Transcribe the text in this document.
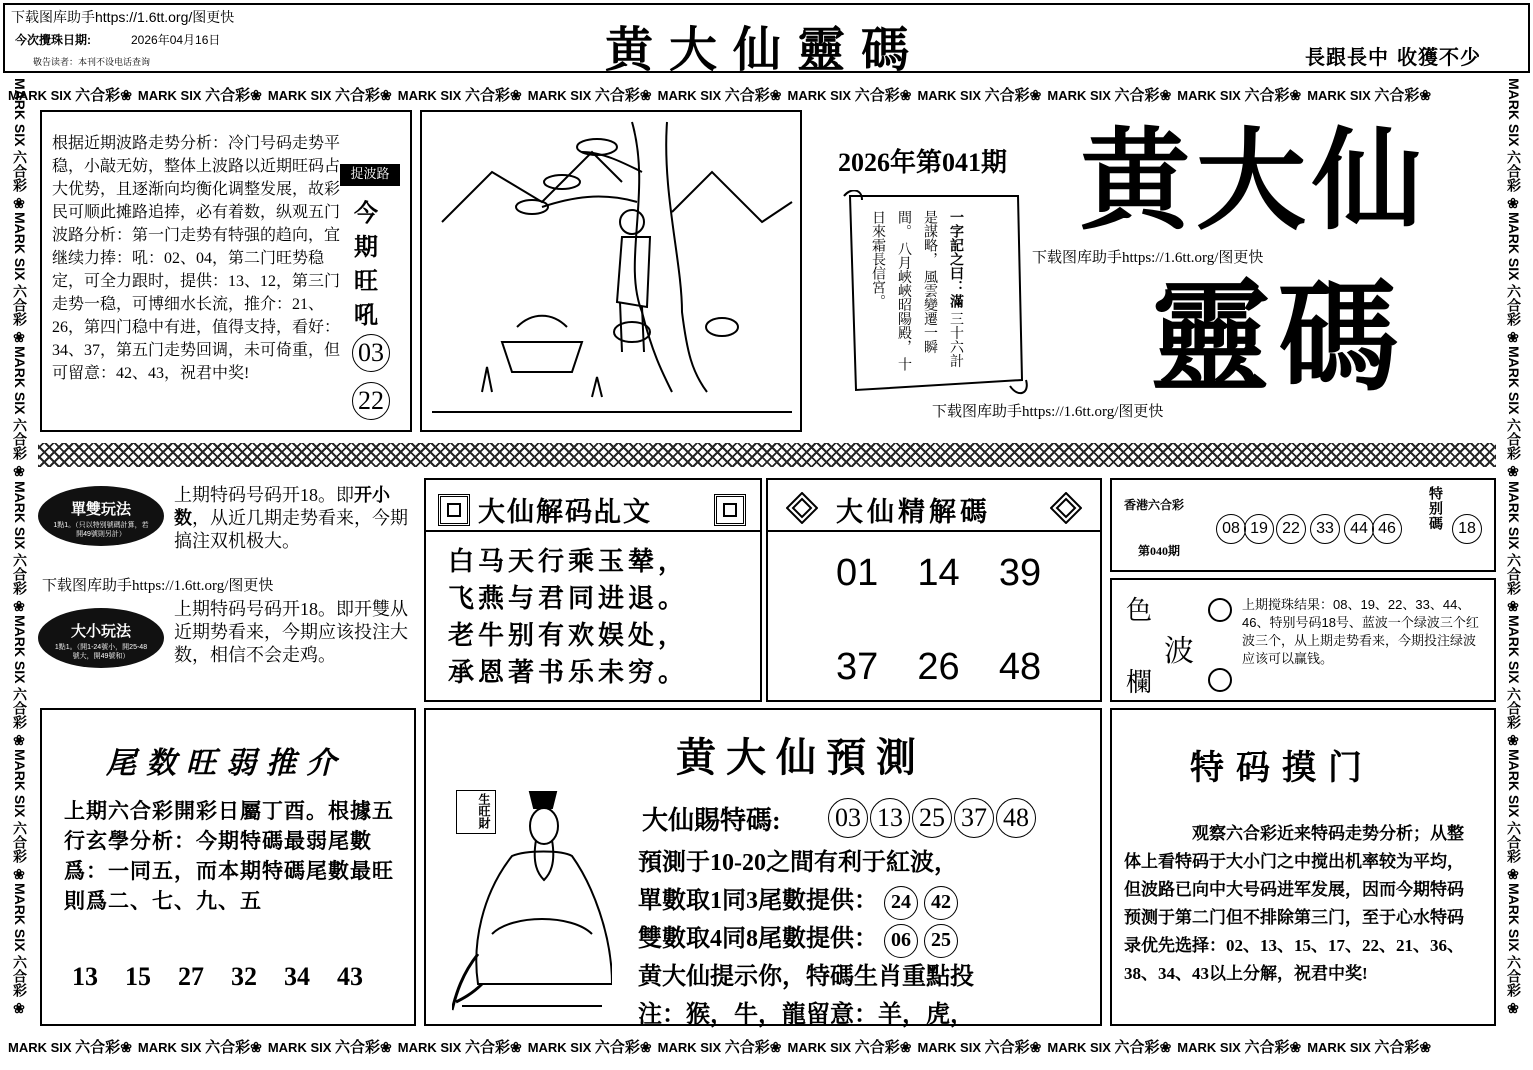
下载图库助手https://1.6tt.org/图更快
今次攪珠日期:	2026年04月16日
敬告读者：本刊不设电话查询	黄大仙靈碼	長跟長中 收獲不少
MARK SIX 六合彩❀MARK SIX 六合彩❀MARK SIX 六合彩❀MARK SIX 六合彩❀MARK SIX 六合彩❀MARK SIX 六合彩❀MARK SIX 六合彩❀MARK SIX 六合彩❀MARK SIX 六合彩❀MARK SIX 六合彩❀MARK SIX 六合彩❀
MARK SIX 六合彩❀MARK SIX 六合彩❀MARK SIX 六合彩❀MARK SIX 六合彩❀MARK SIX 六合彩❀MARK SIX 六合彩❀MARK SIX 六合彩❀MARK SIX 六合彩❀MARK SIX 六合彩❀MARK SIX 六合彩❀MARK SIX 六合彩❀
MARK SIX 六合彩 ❀
MARK SIX 六合彩 ❀
MARK SIX 六合彩 ❀
MARK SIX 六合彩 ❀
MARK SIX 六合彩 ❀
MARK SIX 六合彩 ❀
MARK SIX 六合彩 ❀
MARK SIX 六合彩 ❀
MARK SIX 六合彩 ❀
MARK SIX 六合彩 ❀
MARK SIX 六合彩 ❀
MARK SIX 六合彩 ❀
MARK SIX 六合彩 ❀
MARK SIX 六合彩 ❀
根据近期波路走势分析：冷门号码走势平稳，小敲无妨，整体上波路以近期旺码占大优势，且逐渐向均衡化调整发展，故彩民可顺此摊路追捧，必有着数，纵观五门波路分析：第一门走势有特强的趋向，宜继续力捧：吼：02、04，第二门旺势稳定，可全力跟时，提供：13、12，第三门走势一稳，可博细水长流，推介：21、26，第四门稳中有进，值得支持，看好：34、37，第五门走势回调，未可倚重，但可留意：42、43，祝君中奖!
捉波路
今
期
旺
吼
03
22
2026年第041期
一字記之曰：滿 三十六計是謀略， 風雲變遷一瞬間。 八月峽峽昭陽殿， 十日來霜長信宮。
黄大仙
靈碼
下载图库助手https://1.6tt.org/图更快
下载图库助手https://1.6tt.org/图更快
單雙玩法
1點1。（只以特別號碼計算，若開49號則另計）
上期特码号码开18。即开小数，从近几期走势看来，今期搞注双机极大。
下载图库助手https://1.6tt.org/图更快
大小玩法
1點1。（開1-24號小，開25-48號大，開49號和）
上期特码号码开18。即开雙从近期势看来，今期应该投注大数，相信不会走鸡。
大仙解码乩文
白马天行乘玉辇，
飞燕与君同进退。
老牛别有欢娱处，
承恩著书乐未穷。
大仙精解碼
01 14 39
37 26 48
香港六合彩
第040期
08 19 22 33 44 46	特别碼	18
色
波
欄
上期搅珠结果：08、19、22、33、44、46、特别号码18号、蓝波一个绿波三个红波三个，从上期走势看来，今期投注绿波应该可以赢钱。
尾数旺弱推介
上期六合彩開彩日屬丁酉。根據五行玄學分析：今期特碼最弱尾數爲：一同五，而本期特碼尾數最旺則爲二、七、九、五
13 15 27 32 34 43
黄大仙預測
生旺財	大仙賜特碼: 03 13 25 37 48
預測于10-20之間有利于紅波，
單數取1同3尾數提供： 24 42
雙數取4同8尾數提供： 06 25
黄大仙提示你，特碼生肖重點投
注：猴，牛，龍留意：羊，虎，
特码摸门
观察六合彩近来特码走势分析；从整体上看特码于大小门之中搅出机率较为平均，但波路已向中大号码进军发展，因而今期特码预测于第二门但不排除第三门，至于心水特码录优先选择：02、13、15、17、22、21、36、38、34、43以上分解，祝君中奖!
